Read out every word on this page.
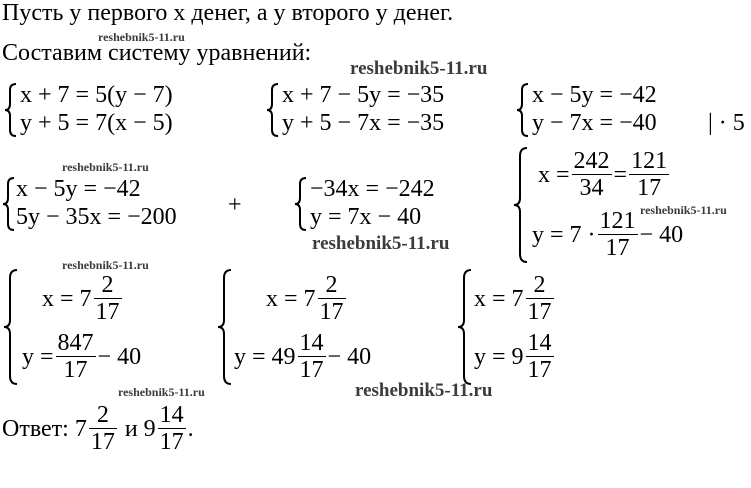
Пусть у первого x денег, а у второго y денег.
Составим систему уравнений:
reshebnik5-11.ru
reshebnik5-11.ru
reshebnik5-11.ru
reshebnik5-11.ru
reshebnik5-11.ru
reshebnik5-11.ru
reshebnik5-11.ru	reshebnik5-11.ru
x + 7 = 5(y − 7)
y + 5 = 7(x − 5)
x + 7 − 5y = −35
y + 5 − 7x = −35
x − 5y = −42
y − 7x = −40 | · 5
x − 5y = −42
5y − 35x = −200 +
−34x = −242
y = 7x − 40
$x = \frac{242}{34} = \frac{121}{17}$
$y = 7 \cdot \frac{121}{17} - 40$
$x = 7 \frac{2}{17}$
$y = \frac{847}{17} - 40$
$x = 7 \frac{2}{17}$
$y = 49 \frac{14}{17} - 40$
$x = 7 \frac{2}{17}$
$y = 9 \frac{14}{17}$
Ответ:
$7 \frac{2}{17}$
и
$9 \frac{14}{17}$ .
